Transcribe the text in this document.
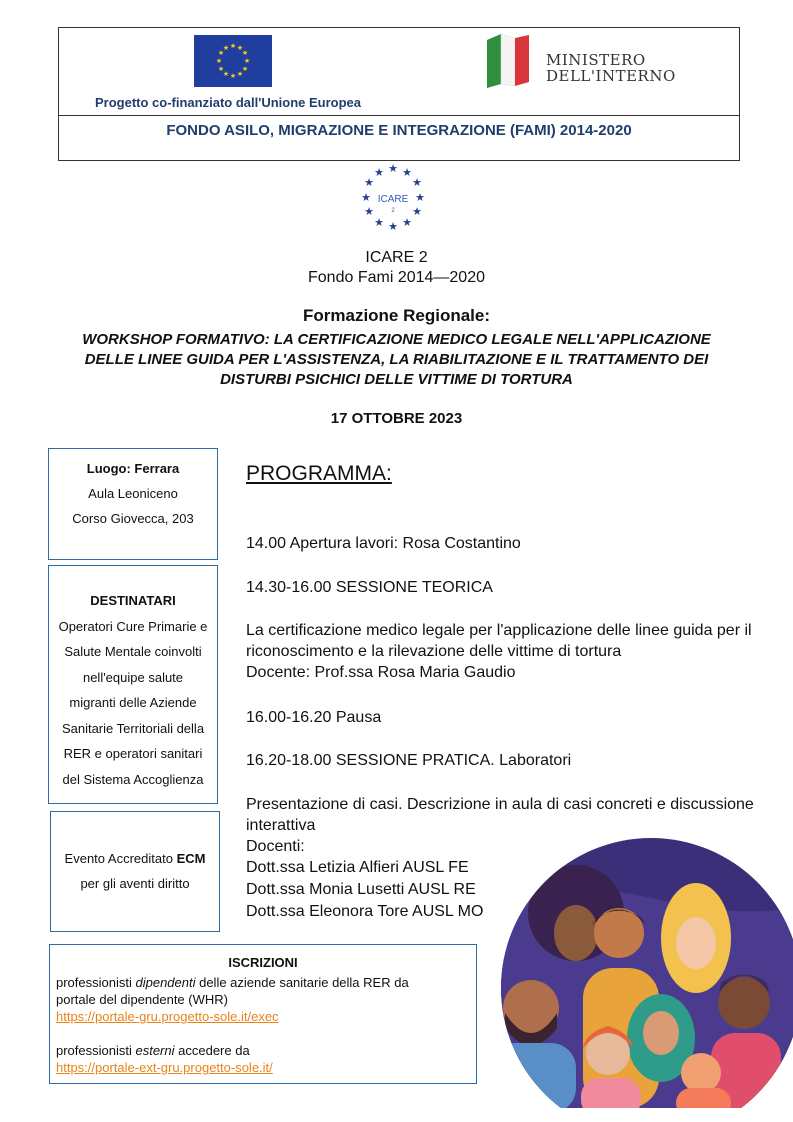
★ ★
★
★
★
★
★
★
★
★
★
★
Progetto co-finanziato dall'Unione Europea
MINISTERO
DELL'INTERNO
FONDO ASILO, MIGRAZIONE E INTEGRAZIONE (FAMI) 2014-2020
★ ★
★
★
★
★
★
★
★
★
★
★
ICARE
2
ICARE 2
Fondo Fami 2014—2020
Formazione Regionale:
WORKSHOP FORMATIVO: LA CERTIFICAZIONE MEDICO LEGALE NELL'APPLICAZIONE DELLE LINEE GUIDA PER L'ASSISTENZA, LA RIABILITAZIONE E IL TRATTAMENTO DEI DISTURBI PSICHICI DELLE VITTIME DI TORTURA
17 OTTOBRE 2023
Luogo: Ferrara
Aula Leoniceno
Corso Giovecca, 203
DESTINATARI
Operatori Cure Primarie e
Salute Mentale coinvolti
nell'equipe salute
migranti delle Aziende
Sanitarie Territoriali della
RER e operatori sanitari
del Sistema Accoglienza
Evento Accreditato ECM
per gli aventi diritto
PROGRAMMA:
14.00 Apertura lavori: Rosa Costantino
14.30-16.00 SESSIONE TEORICA
La certificazione medico legale per l'applicazione delle linee guida per il
riconoscimento e la rilevazione delle vittime di tortura
Docente: Prof.ssa Rosa Maria Gaudio
16.00-16.20 Pausa
16.20-18.00 SESSIONE PRATICA. Laboratori
Presentazione di casi. Descrizione in aula di casi concreti e discussione
interattiva
Docenti:
Dott.ssa Letizia Alfieri AUSL FE
Dott.ssa Monia Lusetti AUSL RE
Dott.ssa Eleonora Tore AUSL MO
ISCRIZIONI
professionisti dipendenti delle aziende sanitarie della RER da
portale del dipendente (WHR)
https://portale-gru.progetto-sole.it/exec
professionisti esterni accedere da
https://portale-ext-gru.progetto-sole.it/
